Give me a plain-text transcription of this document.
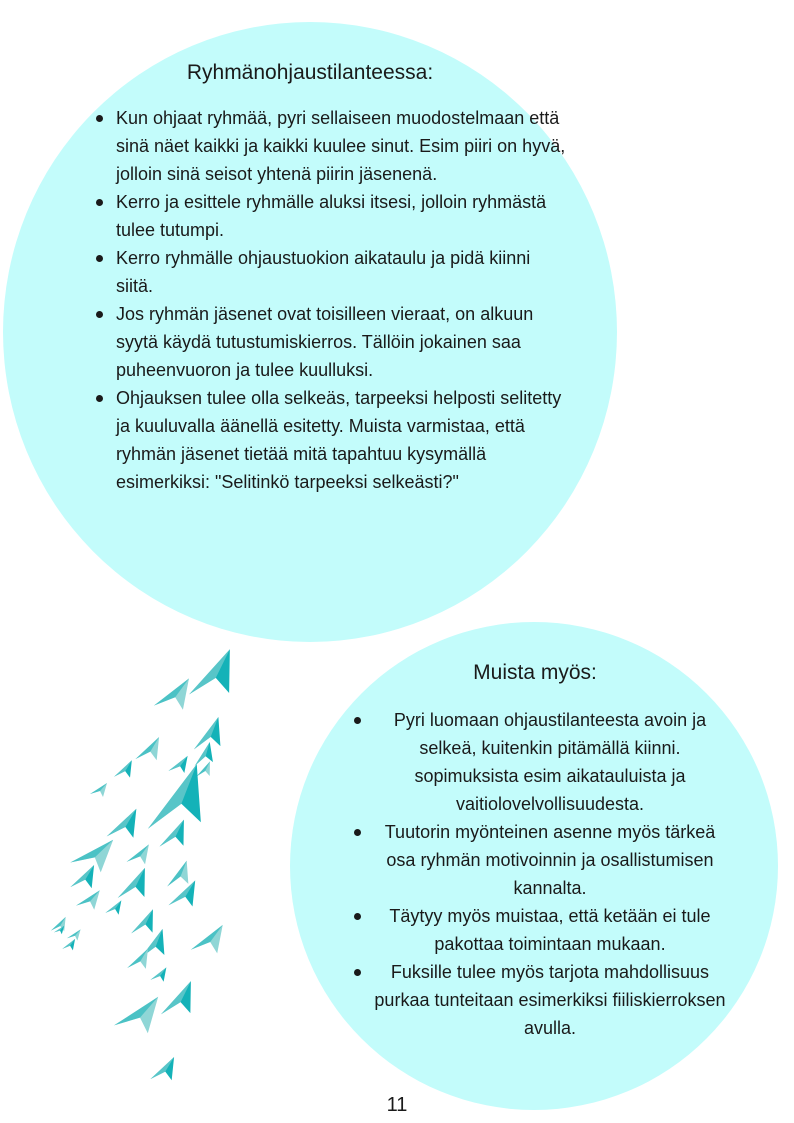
Ryhmänohjaustilanteessa:
Kun ohjaat ryhmää, pyri sellaiseen muodostelmaan että sinä näet kaikki ja kaikki kuulee sinut. Esim piiri on hyvä, jolloin sinä seisot yhtenä piirin jäsenenä.
Kerro ja esittele ryhmälle aluksi itsesi, jolloin ryhmästä tulee tutumpi.
Kerro ryhmälle ohjaustuokion aikataulu ja pidä kiinni siitä.
Jos ryhmän jäsenet ovat toisilleen vieraat, on alkuun syytä käydä tutustumiskierros. Tällöin jokainen saa puheenvuoron ja tulee kuulluksi.
Ohjauksen tulee olla selkeäs, tarpeeksi helposti selitetty ja kuuluvalla äänellä esitetty. Muista varmistaa, että ryhmän jäsenet tietää mitä tapahtuu kysymällä esimerkiksi: "Selitinkö tarpeeksi selkeästi?"
Muista myös:
Pyri luomaan ohjaustilanteesta avoin ja selkeä, kuitenkin pitämällä kiinni. sopimuksista esim aikatauluista ja vaitiolovelvollisuudesta.
Tuutorin myönteinen asenne myös tärkeä osa ryhmän motivoinnin ja osallistumisen kannalta.
Täytyy myös muistaa, että ketään ei tule pakottaa toimintaan mukaan.
Fuksille tulee myös tarjota mahdollisuus purkaa tunteitaan esimerkiksi fiiliskierroksen avulla.
11
